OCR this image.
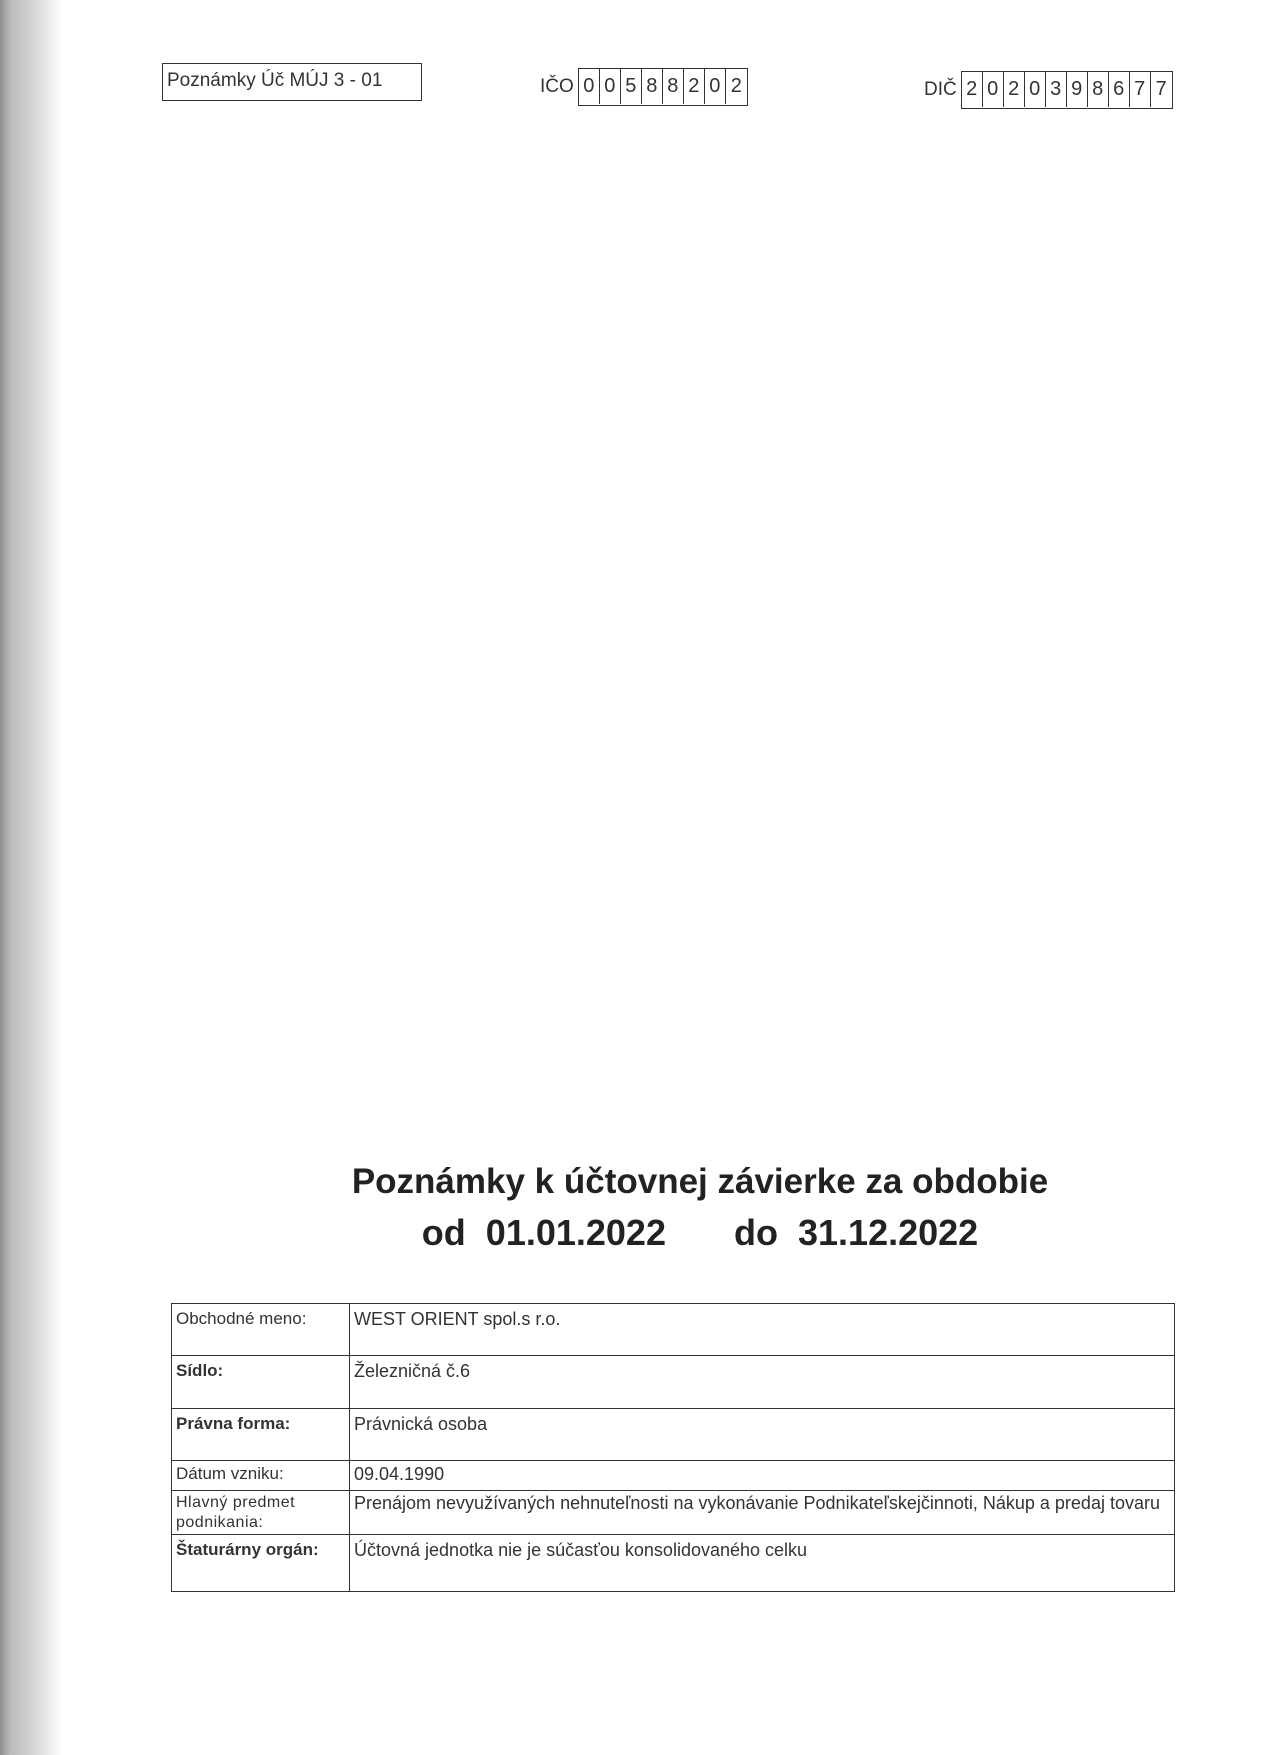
Poznámky Úč MÚJ 3 - 01	IČO 0 0 5 8 8 2 0 2	DIČ 2 0 2 0 3 9 8 6 7 7
Poznámky k účtovnej závierke za obdobie
od 01.01.2022 do 31.12.2022
Obchodné meno:	WEST ORIENT spol.s r.o.
Sídlo:	Železničná č.6
Právna forma:	Právnická osoba
Dátum vzniku:	09.04.1990

Hlavný predmet podnikania:	Prenájom nevyužívaných nehnuteľnosti na vykonávanie Podnikateľskejčinnoti, Nákup a predaj tovaru
Štaturárny orgán:	Účtovná jednotka nie je súčasťou konsolidovaného celku
